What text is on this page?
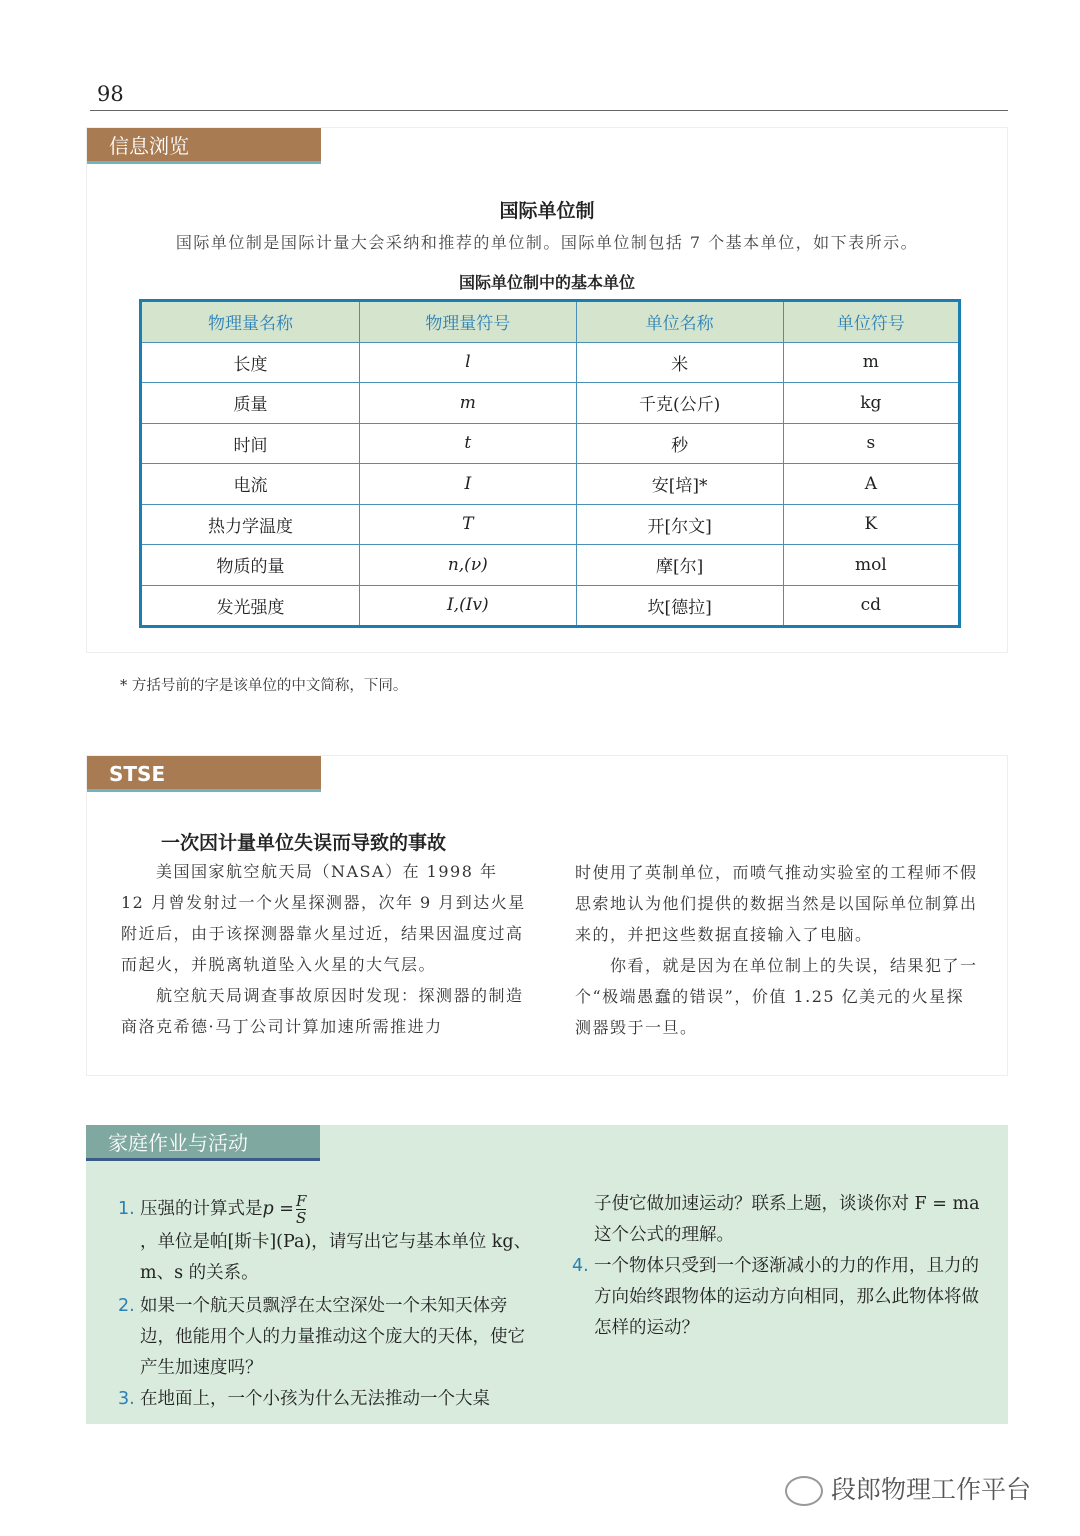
98
信息浏览
国际单位制
国际单位制是国际计量大会采纳和推荐的单位制。国际单位制包括 7 个基本单位，如下表所示。
国际单位制中的基本单位
物理量名称	物理量符号	单位名称	单位符号
长度	l	米	m
质量	m	千克(公斤)	kg
时间	t	秒	s
电流	I	安[培]*	A
热力学温度	T	开[尔文]	K
物质的量	n,(ν)	摩[尔]	mol
发光强度	I,(Iv)	坎[德拉]	cd
* 方括号前的字是该单位的中文简称，下同。
STSE
一次因计量单位失误而导致的事故

　　美国国家航空航天局（NASA）在 1998 年 12 月曾发射过一个火星探测器，次年 9 月到达火星附近后，由于该探测器靠火星过近，结果因温度过高而起火，并脱离轨道坠入火星的大气层。

　　航空航天局调查事故原因时发现：探测器的制造商洛克希德·马丁公司计算加速所需推进力

时使用了英制单位，而喷气推动实验室的工程师不假思索地认为他们提供的数据当然是以国际单位制算出来的，并把这些数据直接输入了电脑。

　　你看，就是因为在单位制上的失误，结果犯了一个“极端愚蠢的错误”，价值 1.25 亿美元的火星探测器毁于一旦。

家庭作业与活动
1. 压强的计算式是 $p = \frac{F}{S}$
，单位是帕[斯卡](Pa)，请写出它与基本单位 kg、m、s 的关系。
2. 如果一个航天员飘浮在太空深处一个未知天体旁边，他能用个人的力量推动这个庞大的天体，使它产生加速度吗？
3. 在地面上，一个小孩为什么无法推动一个大桌
子使它做加速运动？联系上题，谈谈你对 F = ma 这个公式的理解。
4. 一个物体只受到一个逐渐减小的力的作用，且力的方向始终跟物体的运动方向相同，那么此物体将做怎样的运动？
段郎物理工作平台
